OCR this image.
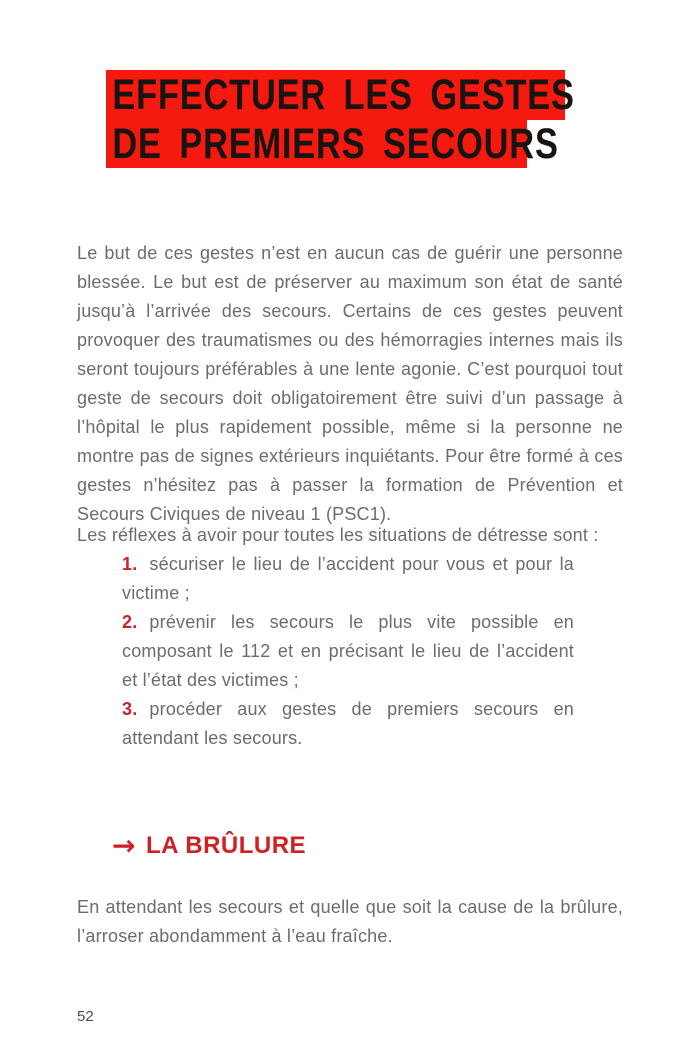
EFFECTUER LES GESTES
DE PREMIERS SECOURS

Le but de ces gestes n’est en aucun cas de guérir une personne blessée. Le but est de préserver au maximum son état de santé jusqu’à l’arrivée des secours. Certains de ces gestes peuvent provoquer des traumatismes ou des hémorragies internes mais ils seront toujours préférables à une lente agonie. C’est pourquoi tout geste de secours doit obligatoirement être suivi d’un passage à l’hôpital le plus rapidement possible, même si la personne ne montre pas de signes extérieurs inquiétants. Pour être formé à ces gestes n’hésitez pas à passer la formation de Prévention et Secours Civiques de niveau 1 (PSC1).

Les réflexes à avoir pour toutes les situations de détresse sont :

1. sécuriser le lieu de l’accident pour vous et pour la victime ;

2. prévenir les secours le plus vite possible en composant le 112 et en précisant le lieu de l’accident et l’état des victimes ;

3. procéder aux gestes de premiers secours en attendant les secours.

→ LA BRÛLURE

En attendant les secours et quelle que soit la cause de la brûlure, l’arroser abondamment à l’eau fraîche.

52
